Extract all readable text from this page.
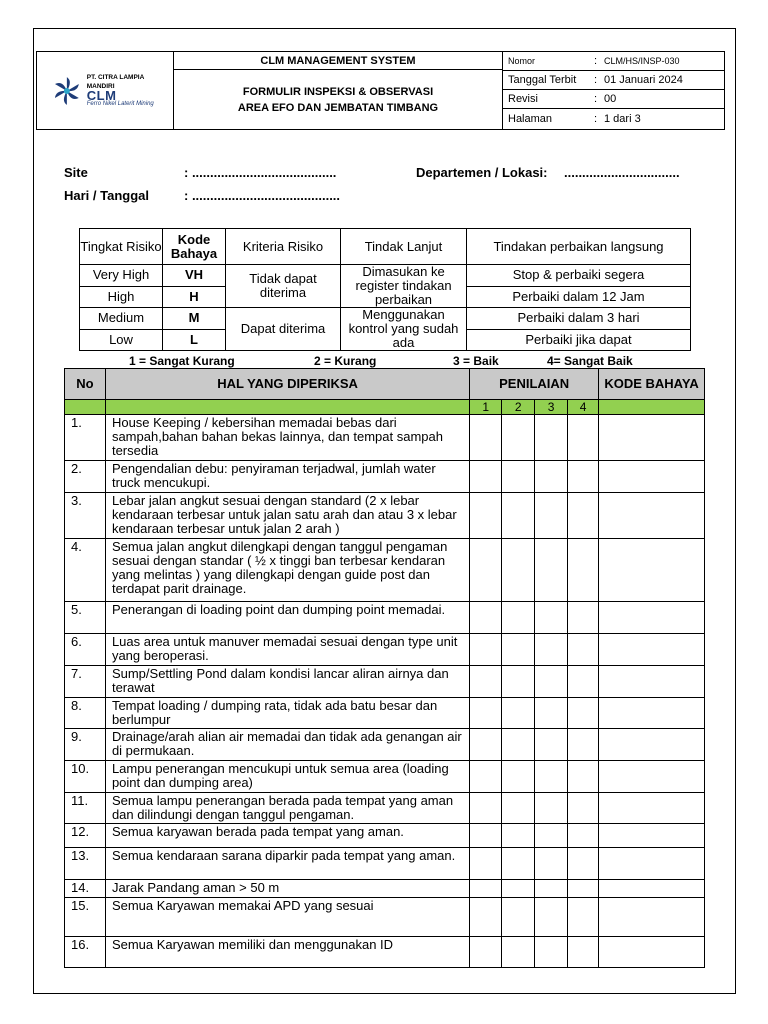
PT. CITRA LAMPIA MANDIRI
CLM
Ferro Nikel Laterit Mining
	CLM MANAGEMENT SYSTEM	Nomor	: CLM/HS/INSP-030
Tanggal Terbit	: 01 Januari 2024
Revisi	: 00
Halaman	: 1 dari 3

FORMULIR INSPEKSI & OBSERVASI
AREA EFO DAN JEMBATAN TIMBANG
Site	: ........................................	Departemen / Lokasi: ................................
Hari / Tanggal	: .........................................
Tingkat Risiko	Kode Bahaya	Kriteria Risiko	Tindak Lanjut	Tindakan perbaikan langsung
Very High	VH	Tidak dapat diterima	Dimasukan ke register tindakan perbaikan	Stop & perbaiki segera
High	H			Perbaiki dalam 12 Jam
Medium	M	Dapat diterima	Menggunakan kontrol yang sudah ada	Perbaiki dalam 3 hari
Low	L			Perbaiki jika dapat
1 = Sangat Kurang	2 = Kurang	3 = Baik	4= Sangat Baik
No	HAL YANG DIPERIKSA	PENILAIAN				KODE BAHAYA
		1	2	3	4	
1.	House Keeping / kebersihan memadai bebas dari sampah,bahan bahan bekas lainnya, dan tempat sampah tersedia					
2.	Pengendalian debu: penyiraman terjadwal, jumlah water truck mencukupi.					
3.	Lebar jalan angkut sesuai dengan standard (2 x lebar kendaraan terbesar untuk jalan satu arah dan atau 3 x lebar kendaraan terbesar untuk jalan 2 arah )					
4.	Semua jalan angkut dilengkapi dengan tanggul pengaman sesuai dengan standar ( ½ x tinggi ban terbesar kendaran yang melintas ) yang dilengkapi dengan guide post dan terdapat parit drainage.					
5.	Penerangan di loading point dan dumping point memadai.					
6.	Luas area untuk manuver memadai sesuai dengan type unit yang beroperasi.					
7.	Sump/Settling Pond dalam kondisi lancar aliran airnya dan terawat					
8.	Tempat loading / dumping rata, tidak ada batu besar dan berlumpur					
9.	Drainage/arah alian air memadai dan tidak ada genangan air di permukaan.					
10.	Lampu penerangan mencukupi untuk semua area (loading point dan dumping area)					
11.	Semua lampu penerangan berada pada tempat yang aman dan dilindungi dengan tanggul pengaman.					
12.	Semua karyawan berada pada tempat yang aman.					
13.	Semua kendaraan sarana diparkir pada tempat yang aman.					
14.	Jarak Pandang aman > 50 m					
15.	Semua Karyawan memakai APD yang sesuai					
16.	Semua Karyawan memiliki dan menggunakan ID					
